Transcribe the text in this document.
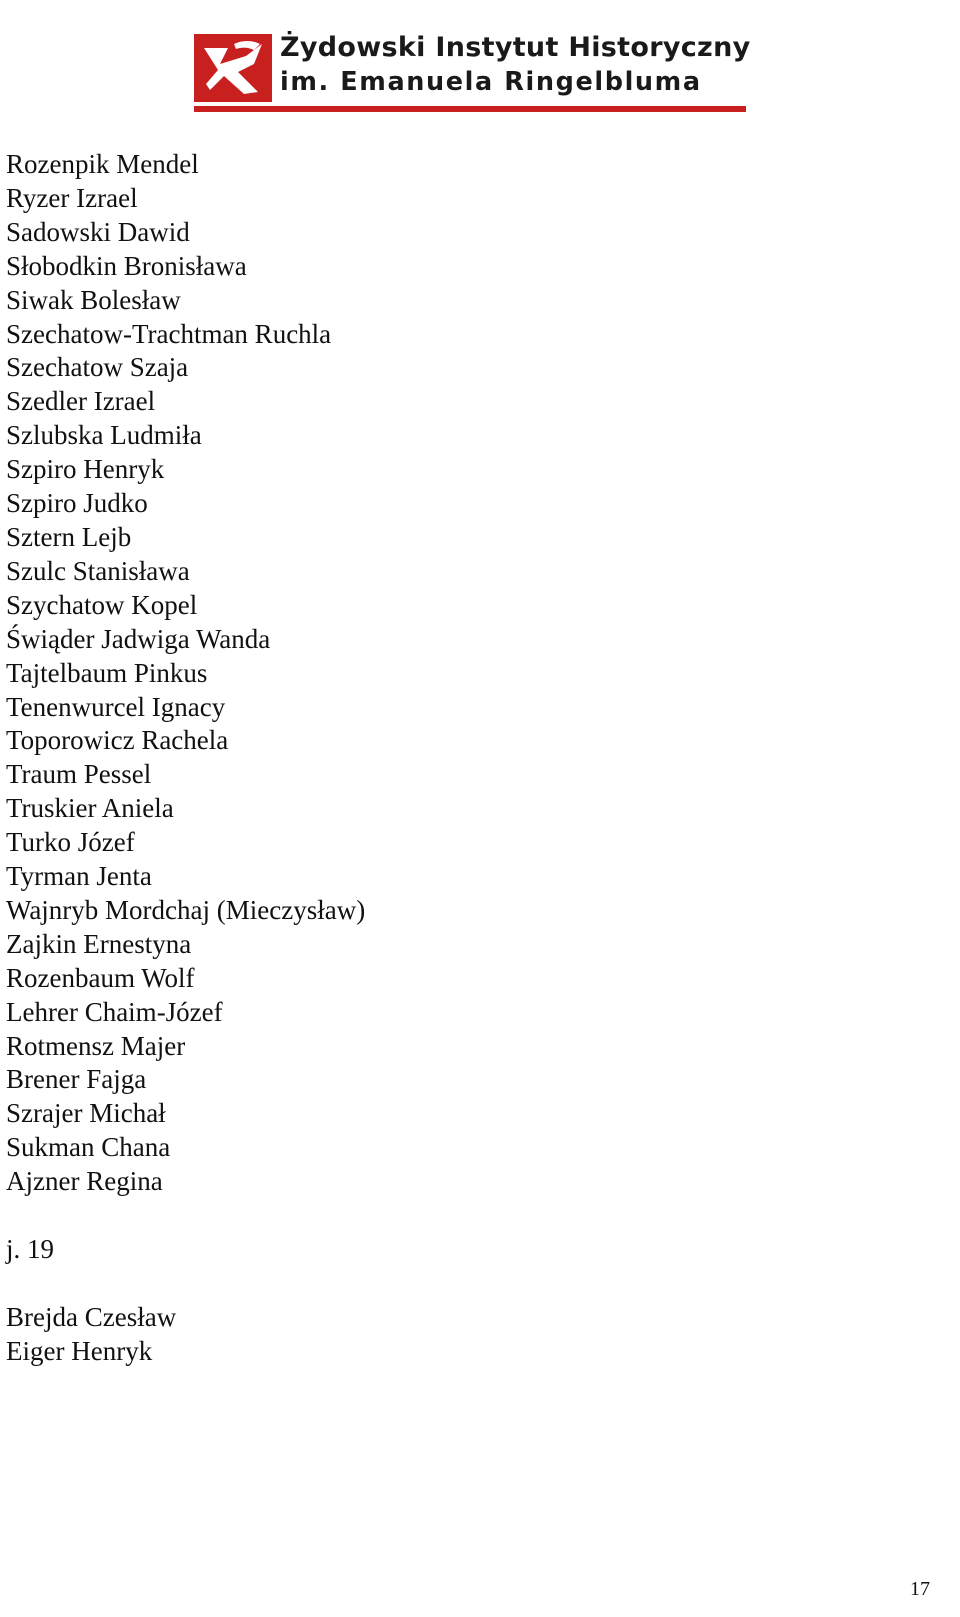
Żydowski Instytut Historyczny
im. Emanuela Ringelbluma
Rozenpik Mendel
Ryzer Izrael
Sadowski Dawid
Słobodkin Bronisława
Siwak Bolesław
Szechatow-Trachtman Ruchla
Szechatow Szaja
Szedler Izrael
Szlubska Ludmiła
Szpiro Henryk
Szpiro Judko
Sztern Lejb
Szulc Stanisława
Szychatow Kopel
Świąder Jadwiga Wanda
Tajtelbaum Pinkus
Tenenwurcel Ignacy
Toporowicz Rachela
Traum Pessel
Truskier Aniela
Turko Józef
Tyrman Jenta
Wajnryb Mordchaj (Mieczysław)
Zajkin Ernestyna
Rozenbaum Wolf
Lehrer Chaim-Józef
Rotmensz Majer
Brener Fajga
Szrajer Michał
Sukman Chana
Ajzner Regina
j. 19
Brejda Czesław
Eiger Henryk
17
